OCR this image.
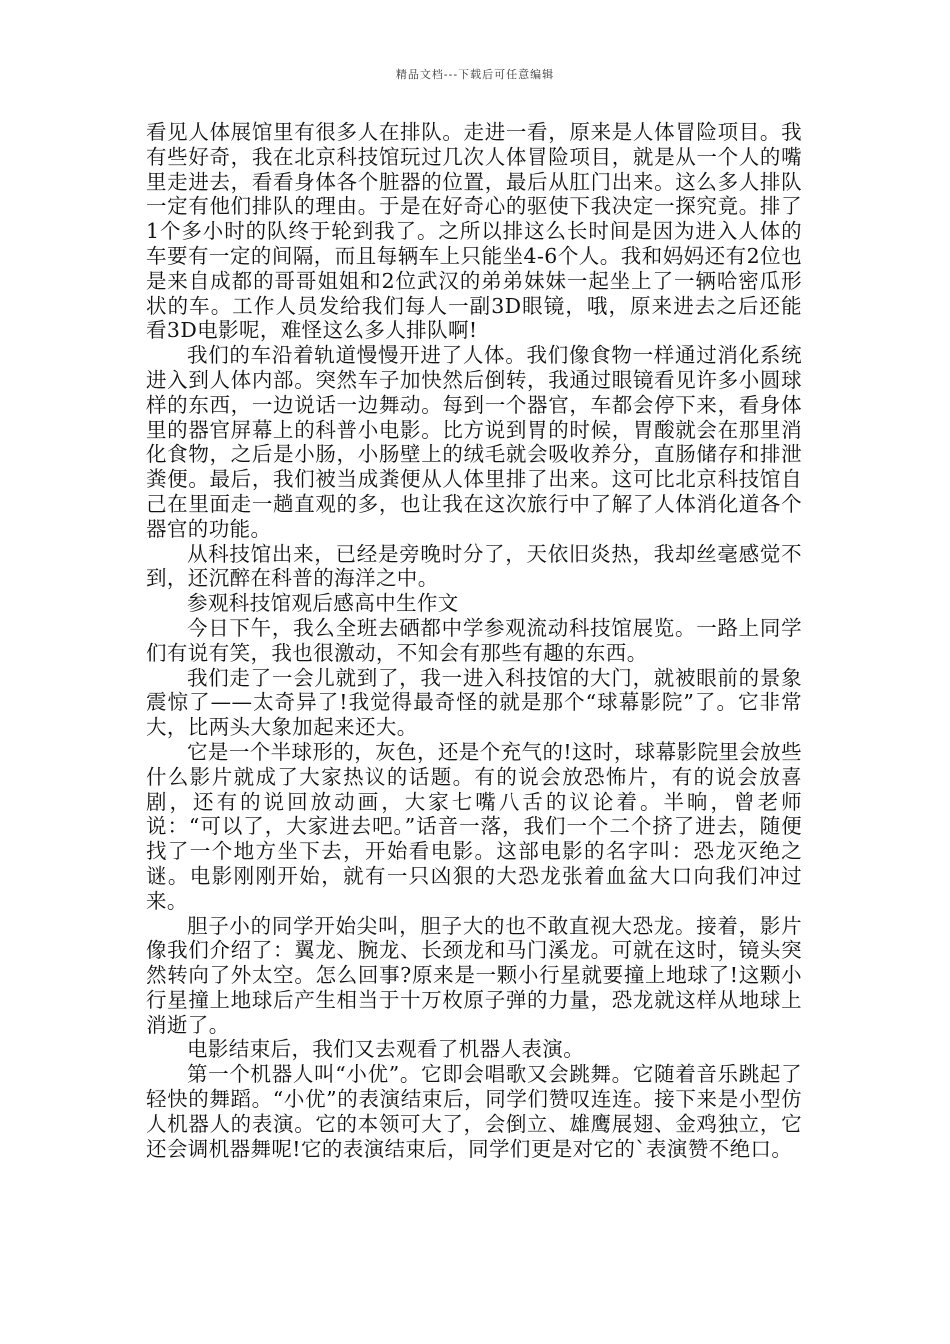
精品文档---下载后可任意编辑

看见人体展馆里有很多人在排队。走进一看，原来是人体冒险项目。我有些好奇，我在北京科技馆玩过几次人体冒险项目，就是从一个人的嘴里走进去，看看身体各个脏器的位置，最后从肛门出来。这么多人排队一定有他们排队的理由。于是在好奇心的驱使下我决定一探究竟。排了1个多小时的队终于轮到我了。之所以排这么长时间是因为进入人体的车要有一定的间隔，而且每辆车上只能坐4-6个人。我和妈妈还有2位也是来自成都的哥哥姐姐和2位武汉的弟弟妹妹一起坐上了一辆哈密瓜形状的车。工作人员发给我们每人一副3D眼镜，哦，原来进去之后还能看3D电影呢，难怪这么多人排队啊!

我们的车沿着轨道慢慢开进了人体。我们像食物一样通过消化系统进入到人体内部。突然车子加快然后倒转，我通过眼镜看见许多小圆球样的东西，一边说话一边舞动。每到一个器官，车都会停下来，看身体里的器官屏幕上的科普小电影。比方说到胃的时候，胃酸就会在那里消化食物，之后是小肠，小肠壁上的绒毛就会吸收养分，直肠储存和排泄粪便。最后，我们被当成粪便从人体里排了出来。这可比北京科技馆自己在里面走一趟直观的多，也让我在这次旅行中了解了人体消化道各个器官的功能。

从科技馆出来，已经是旁晚时分了，天依旧炎热，我却丝毫感觉不到，还沉醉在科普的海洋之中。

参观科技馆观后感高中生作文

今日下午，我么全班去硒都中学参观流动科技馆展览。一路上同学们有说有笑，我也很激动，不知会有那些有趣的东西。

我们走了一会儿就到了，我一进入科技馆的大门，就被眼前的景象震惊了——太奇异了!我觉得最奇怪的就是那个“球幕影院”了。它非常大，比两头大象加起来还大。

它是一个半球形的，灰色，还是个充气的!这时，球幕影院里会放些什么影片就成了大家热议的话题。有的说会放恐怖片，有的说会放喜剧，还有的说回放动画，大家七嘴八舌的议论着。半晌，曾老师说：“可以了，大家进去吧。”话音一落，我们一个二个挤了进去，随便找了一个地方坐下去，开始看电影。这部电影的名字叫：恐龙灭绝之谜。电影刚刚开始，就有一只凶狠的大恐龙张着血盆大口向我们冲过来。

胆子小的同学开始尖叫，胆子大的也不敢直视大恐龙。接着，影片像我们介绍了：翼龙、腕龙、长颈龙和马门溪龙。可就在这时，镜头突然转向了外太空。怎么回事?原来是一颗小行星就要撞上地球了!这颗小行星撞上地球后产生相当于十万枚原子弹的力量，恐龙就这样从地球上消逝了。

电影结束后，我们又去观看了机器人表演。

第一个机器人叫“小优”。它即会唱歌又会跳舞。它随着音乐跳起了轻快的舞蹈。“小优”的表演结束后，同学们赞叹连连。接下来是小型仿人机器人的表演。它的本领可大了，会倒立、雄鹰展翅、金鸡独立，它还会调机器舞呢!它的表演结束后，同学们更是对它的`表演赞不绝口。
